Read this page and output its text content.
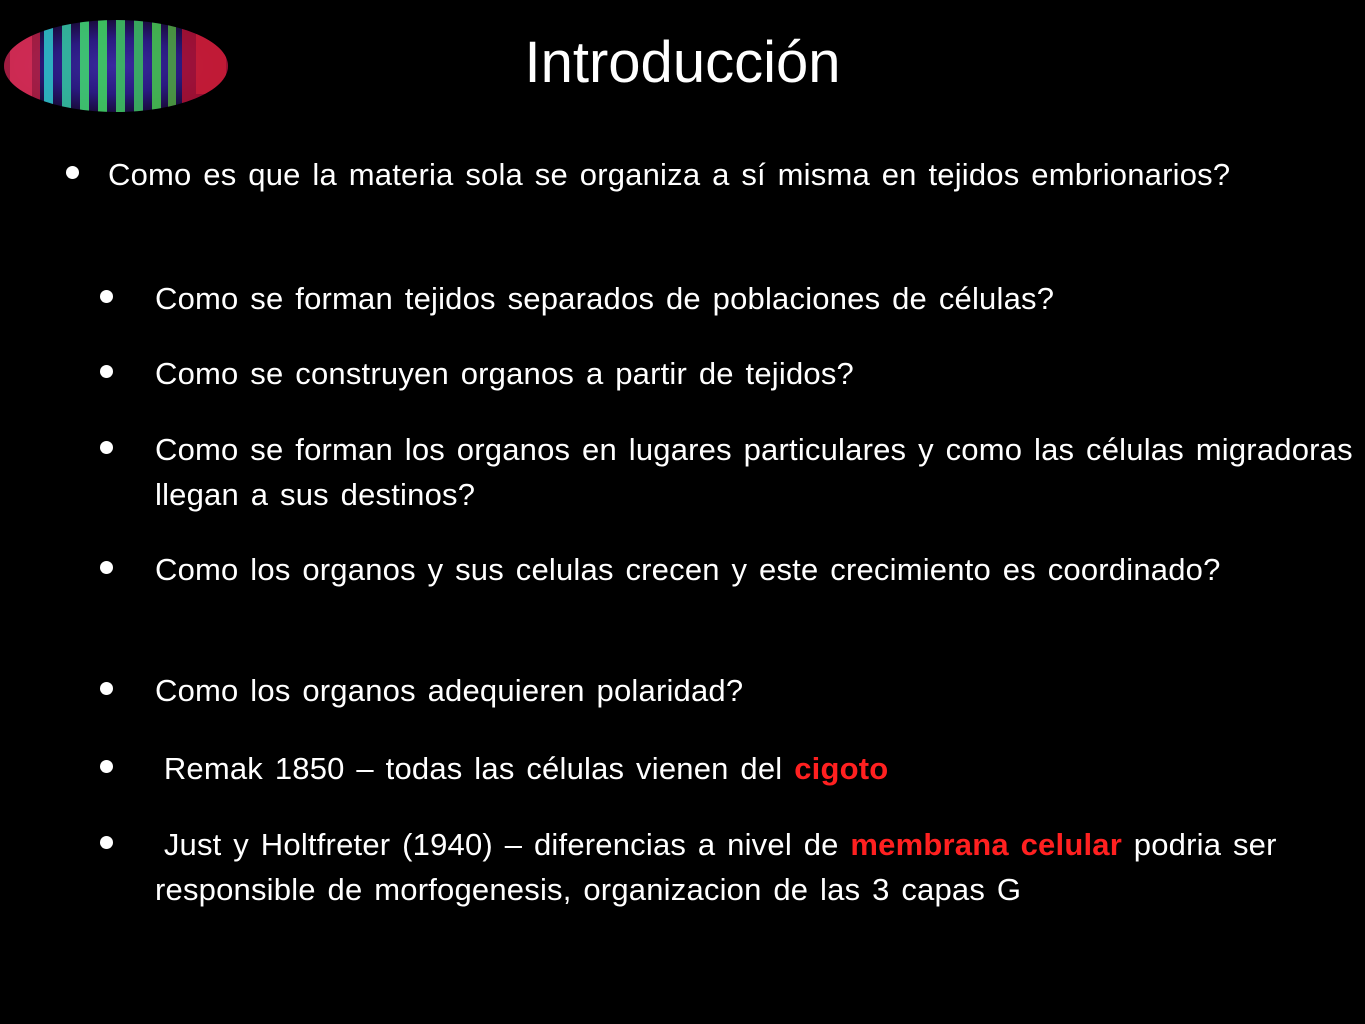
Introducción
Como es que la materia sola se organiza a sí misma en tejidos embrionarios?
Como se forman tejidos separados de poblaciones de células?
Como se construyen organos a partir de tejidos?
Como se forman los organos en lugares particulares y como las células migradoras llegan a sus destinos?
Como los organos y sus celulas crecen y este crecimiento es coordinado?
Como los organos adequieren polaridad?
Remak 1850 – todas las células vienen del cigoto
Just y Holtfreter (1940) – diferencias a nivel de membrana celular podria ser responsible de morfogenesis, organizacion de las 3 capas G
